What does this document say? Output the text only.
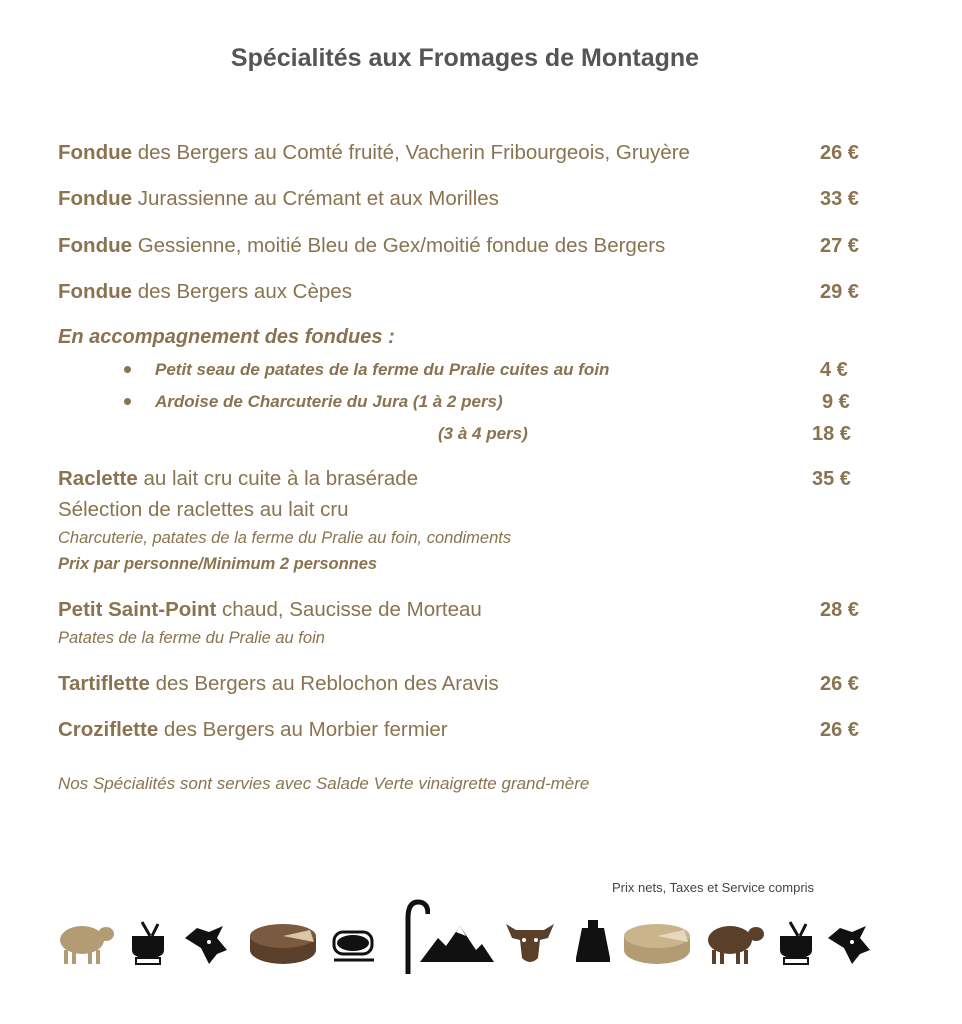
Spécialités aux Fromages de Montagne
Fondue des Bergers au Comté fruité, Vacherin Fribourgeois, Gruyère	26 €
Fondue Jurassienne au Crémant et aux Morilles	33 €
Fondue Gessienne, moitié Bleu de Gex/moitié fondue des Bergers	27 €
Fondue des Bergers aux Cèpes	29 €
En accompagnement des fondues :
Petit seau de patates de la ferme du Pralie cuites au foin	4 €
Ardoise de Charcuterie du Jura (1 à 2 pers)	9 €
(3 à 4 pers)	18 €
Raclette au lait cru cuite à la brasérade	35 €
Sélection de raclettes au lait cru
Charcuterie, patates de la ferme du Pralie au foin, condiments
Prix par personne/Minimum 2 personnes
Petit Saint-Point chaud, Saucisse de Morteau	28 €
Patates de la ferme du Pralie au foin
Tartiflette des Bergers au Reblochon des Aravis	26 €
Croziflette des Bergers au Morbier fermier	26 €
Nos Spécialités sont servies avec Salade Verte vinaigrette grand-mère
Prix nets, Taxes et Service compris
